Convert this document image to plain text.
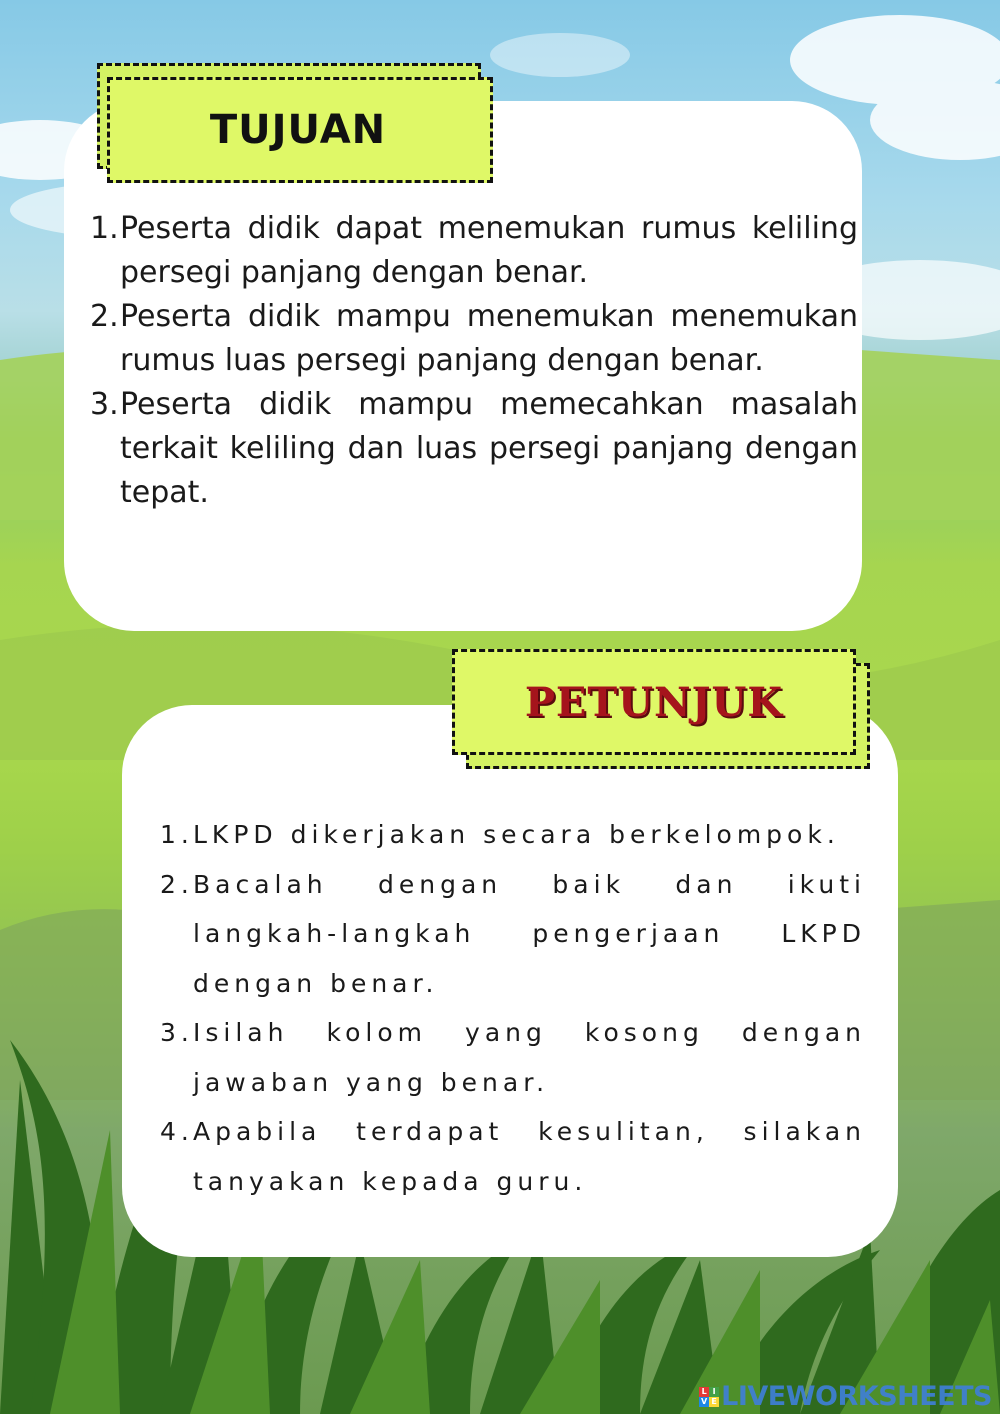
TUJUAN
1. Peserta didik dapat menemukan rumus keliling persegi panjang dengan benar.
2. Peserta didik mampu menemukan menemukan rumus luas persegi panjang dengan benar.
3. Peserta didik mampu memecahkan masalah terkait keliling dan luas persegi panjang dengan tepat.
PETUNJUK
1. LKPD dikerjakan secara berkelompok.
2. Bacalah dengan baik dan ikuti langkah-langkah pengerjaan LKPD dengan benar.
3. Isilah kolom yang kosong dengan jawaban yang benar.
4. Apabila terdapat kesulitan, silakan tanyakan kepada guru.
L I
V E LIVEWORKSHEETS
